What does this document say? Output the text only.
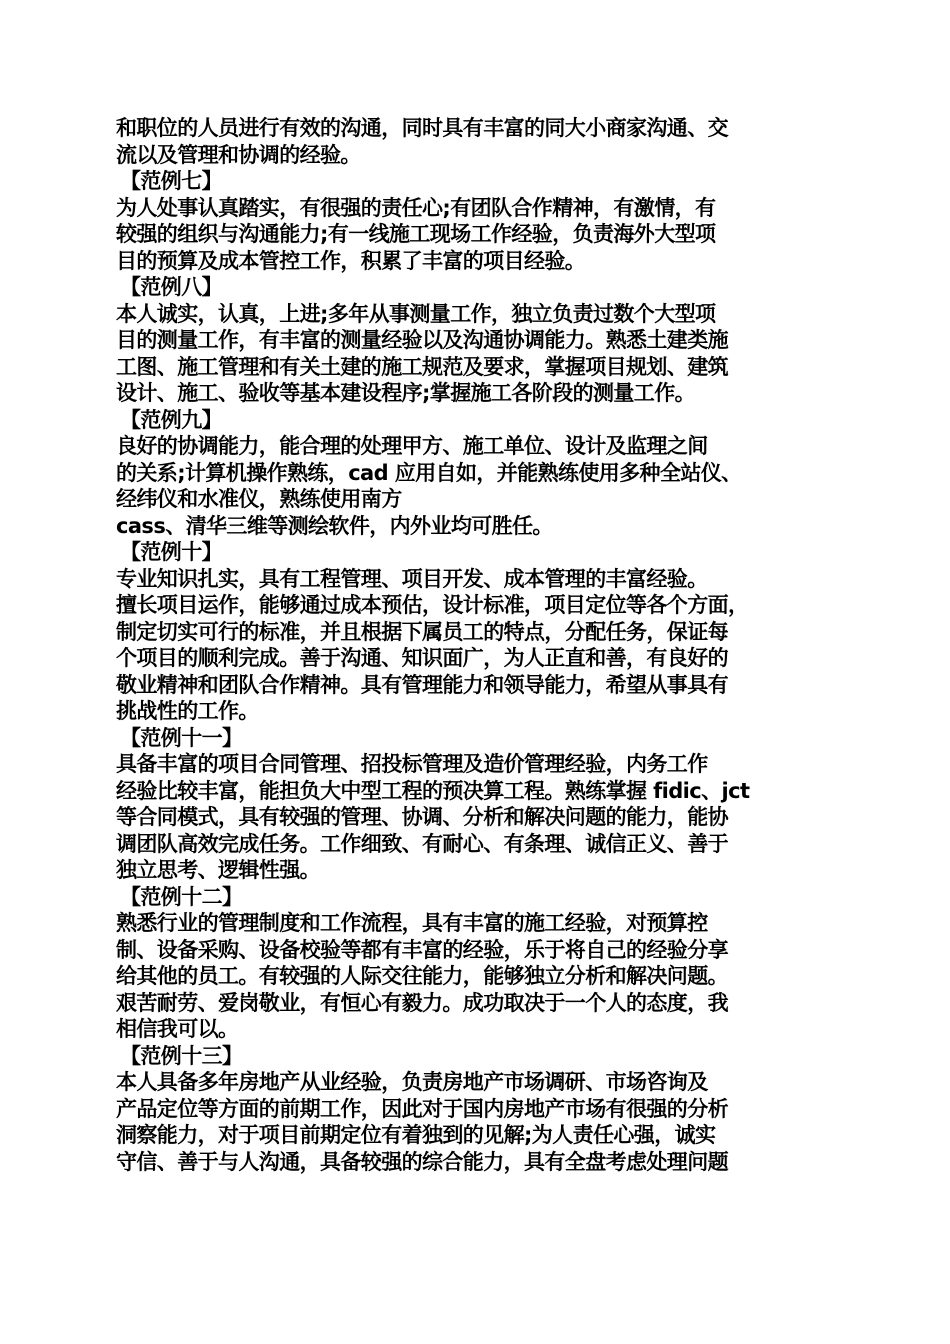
和职位的人员进行有效的沟通，同时具有丰富的同大小商家沟通、交
流以及管理和协调的经验。
【范例七】
为人处事认真踏实，有很强的责任心;有团队合作精神，有激情，有
较强的组织与沟通能力;有一线施工现场工作经验，负责海外大型项
目的预算及成本管控工作，积累了丰富的项目经验。
【范例八】
本人诚实，认真，上进;多年从事测量工作，独立负责过数个大型项
目的测量工作，有丰富的测量经验以及沟通协调能力。熟悉土建类施
工图、施工管理和有关土建的施工规范及要求，掌握项目规划、建筑
设计、施工、验收等基本建设程序;掌握施工各阶段的测量工作。
【范例九】
良好的协调能力，能合理的处理甲方、施工单位、设计及监理之间
的关系;计算机操作熟练，cad 应用自如，并能熟练使用多种全站仪、
经纬仪和水准仪，熟练使用南方
cass、清华三维等测绘软件，内外业均可胜任。
【范例十】
专业知识扎实，具有工程管理、项目开发、成本管理的丰富经验。
擅长项目运作，能够通过成本预估，设计标准，项目定位等各个方面，
制定切实可行的标准，并且根据下属员工的特点，分配任务，保证每
个项目的顺利完成。善于沟通、知识面广，为人正直和善，有良好的
敬业精神和团队合作精神。具有管理能力和领导能力，希望从事具有
挑战性的工作。
【范例十一】
具备丰富的项目合同管理、招投标管理及造价管理经验，内务工作
经验比较丰富，能担负大中型工程的预决算工程。熟练掌握 fidic、jct
等合同模式，具有较强的管理、协调、分析和解决问题的能力，能协
调团队高效完成任务。工作细致、有耐心、有条理、诚信正义、善于
独立思考、逻辑性强。
【范例十二】
熟悉行业的管理制度和工作流程，具有丰富的施工经验，对预算控
制、设备采购、设备校验等都有丰富的经验，乐于将自己的经验分享
给其他的员工。有较强的人际交往能力，能够独立分析和解决问题。
艰苦耐劳、爱岗敬业，有恒心有毅力。成功取决于一个人的态度，我
相信我可以。
【范例十三】
本人具备多年房地产从业经验，负责房地产市场调研、市场咨询及
产品定位等方面的前期工作，因此对于国内房地产市场有很强的分析
洞察能力，对于项目前期定位有着独到的见解;为人责任心强，诚实
守信、善于与人沟通，具备较强的综合能力，具有全盘考虑处理问题
